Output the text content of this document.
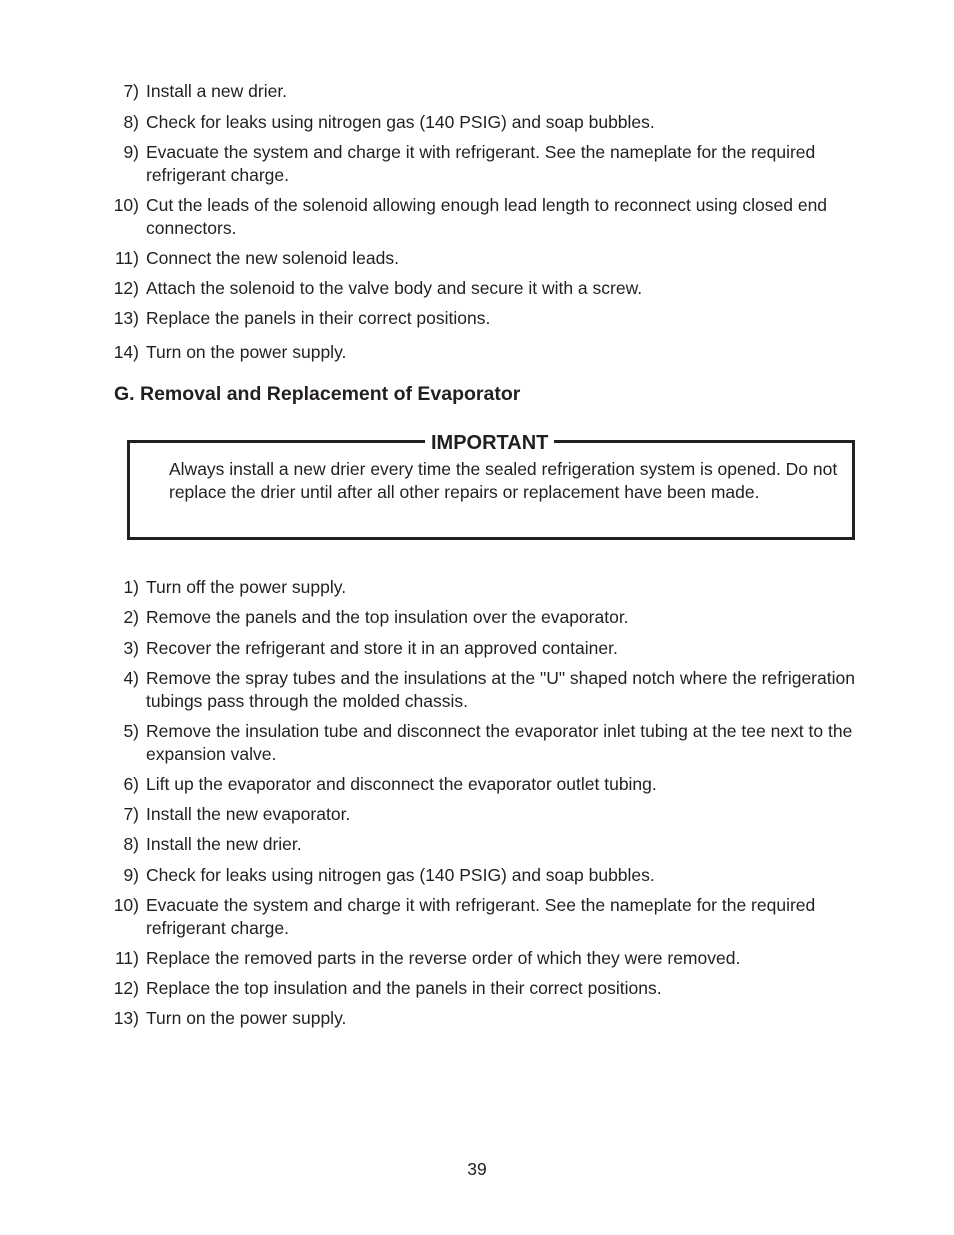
7) Install a new drier.
8) Check for leaks using nitrogen gas (140 PSIG) and soap bubbles.
9) Evacuate the system and charge it with refrigerant. See the nameplate for the required refrigerant charge.
10) Cut the leads of the solenoid allowing enough lead length to reconnect using closed end connectors.
11) Connect the new solenoid leads.
12) Attach the solenoid to the valve body and secure it with a screw.
13) Replace the panels in their correct positions.
14) Turn on the power supply.
G. Removal and Replacement of Evaporator
IMPORTANT
Always install a new drier every time the sealed refrigeration system is opened. Do not replace the drier until after all other repairs or replacement have been made.
1) Turn off the power supply.
2) Remove the panels and the top insulation over the evaporator.
3) Recover the refrigerant and store it in an approved container.
4) Remove the spray tubes and the insulations at the "U" shaped notch where the refrigeration tubings pass through the molded chassis.
5) Remove the insulation tube and disconnect the evaporator inlet tubing at the tee next to the expansion valve.
6) Lift up the evaporator and disconnect the evaporator outlet tubing.
7) Install the new evaporator.
8) Install the new drier.
9) Check for leaks using nitrogen gas (140 PSIG) and soap bubbles.
10) Evacuate the system and charge it with refrigerant. See the nameplate for the required refrigerant charge.
11) Replace the removed parts in the reverse order of which they were removed.
12) Replace the top insulation and the panels in their correct positions.
13) Turn on the power supply.
39
